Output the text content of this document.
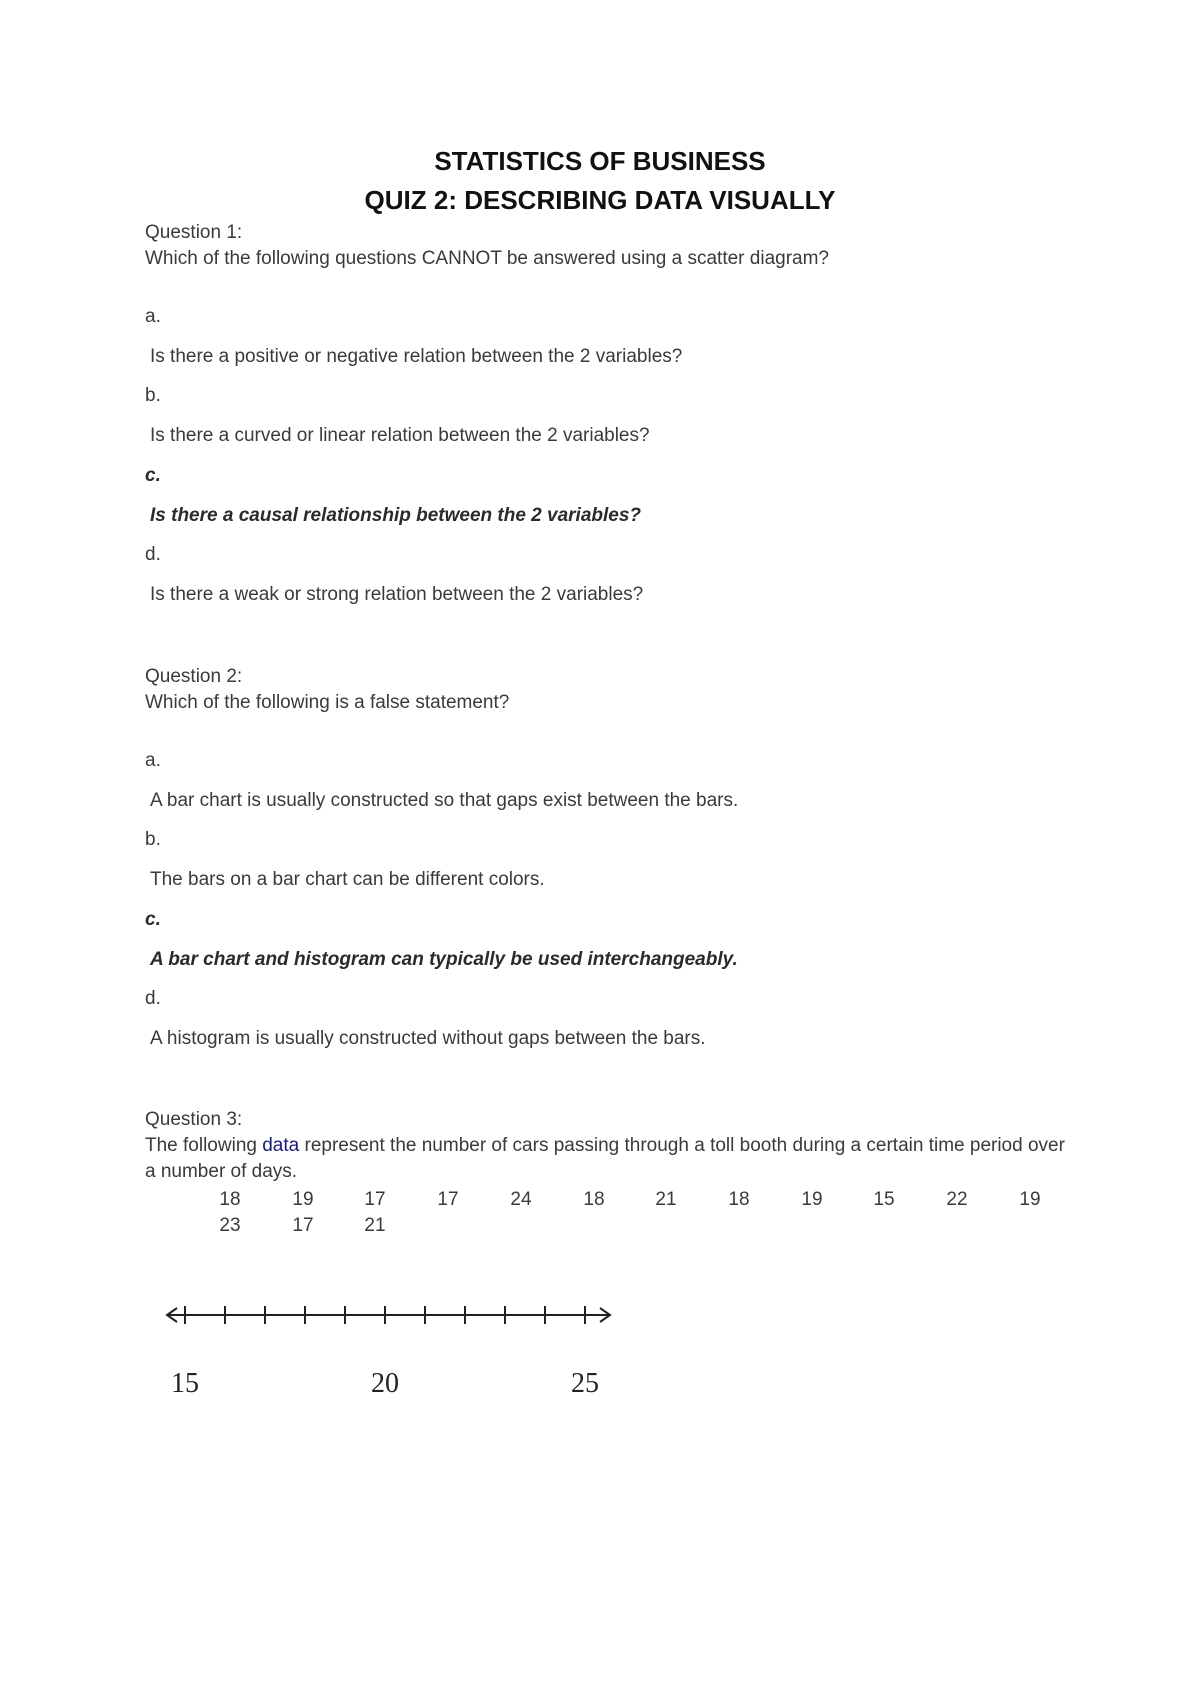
STATISTICS OF BUSINESS
QUIZ 2: DESCRIBING DATA VISUALLY
Question 1:
Which of the following questions CANNOT be answered using a scatter diagram?
a.
Is there a positive or negative relation between the 2 variables?
b.
Is there a curved or linear relation between the 2 variables?
c.
Is there a causal relationship between the 2 variables?
d.
Is there a weak or strong relation between the 2 variables?
Question 2:
Which of the following is a false statement?
a.
A bar chart is usually constructed so that gaps exist between the bars.
b.
The bars on a bar chart can be different colors.
c.
A bar chart and histogram can typically be used interchangeably.
d.
A histogram is usually constructed without gaps between the bars.
Question 3:
The following data represent the number of cars passing through a toll booth during a certain time period over a number of days.
18	19	17	17	24	18	21	18	19	15	22	19
23	17	21
15	20	25
